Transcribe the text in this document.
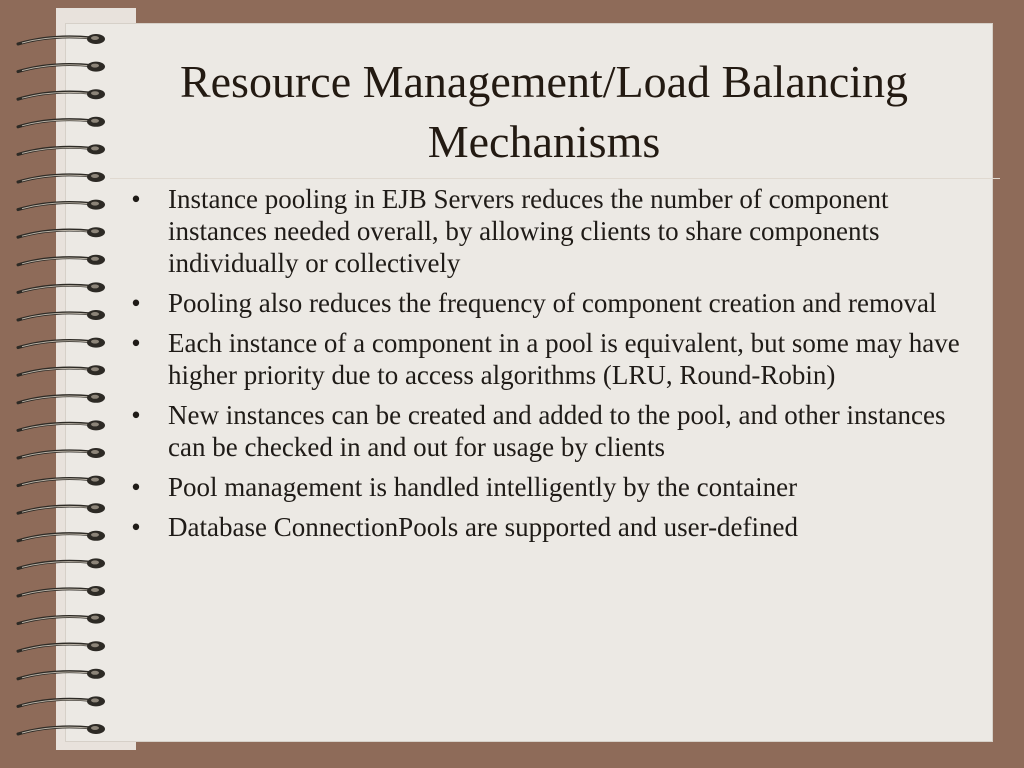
Resource Management/Load Balancing
Mechanisms
• Instance pooling in EJB Servers reduces the number of component instances needed overall, by allowing clients to share components individually or collectively
• Pooling also reduces the frequency of component creation and removal
• Each instance of a component in a pool is equivalent, but some may have higher priority due to access algorithms (LRU, Round-Robin)
• New instances can be created and added to the pool, and other instances can be checked in and out for usage by clients
• Pool management is handled intelligently by the container
• Database ConnectionPools are supported and user-defined
